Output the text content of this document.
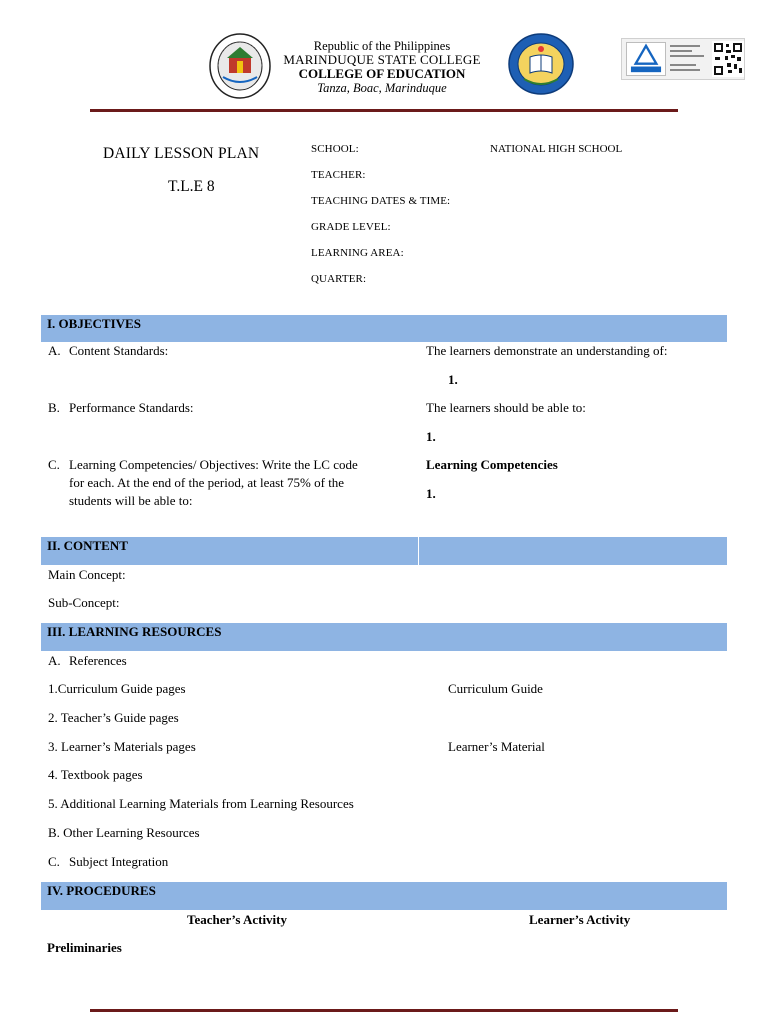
Republic of the Philippines
MARINDUQUE STATE COLLEGE
COLLEGE OF EDUCATION
Tanza, Boac, Marinduque
DAILY LESSON PLAN
T.L.E 8
SCHOOL:	NATIONAL HIGH SCHOOL
TEACHER:
TEACHING DATES & TIME:
GRADE LEVEL:
LEARNING AREA:
QUARTER:
I. OBJECTIVES
A. Content Standards:	The learners demonstrate an understanding of:
1.
B. Performance Standards:	The learners should be able to:
1.
C. Learning Competencies/ Objectives: Write the LC code
for each. At the end of the period, at least 75% of the
students will be able to:
Learning Competencies
1.
II. CONTENT
Main Concept:
Sub-Concept:
III. LEARNING RESOURCES
A. References
1.Curriculum Guide pages	Curriculum Guide
2. Teacher’s Guide pages
3. Learner’s Materials pages	Learner’s Material
4. Textbook pages
5. Additional Learning Materials from Learning Resources
B. Other Learning Resources
C. Subject Integration
IV. PROCEDURES
Teacher’s Activity	Learner’s Activity
Preliminaries
